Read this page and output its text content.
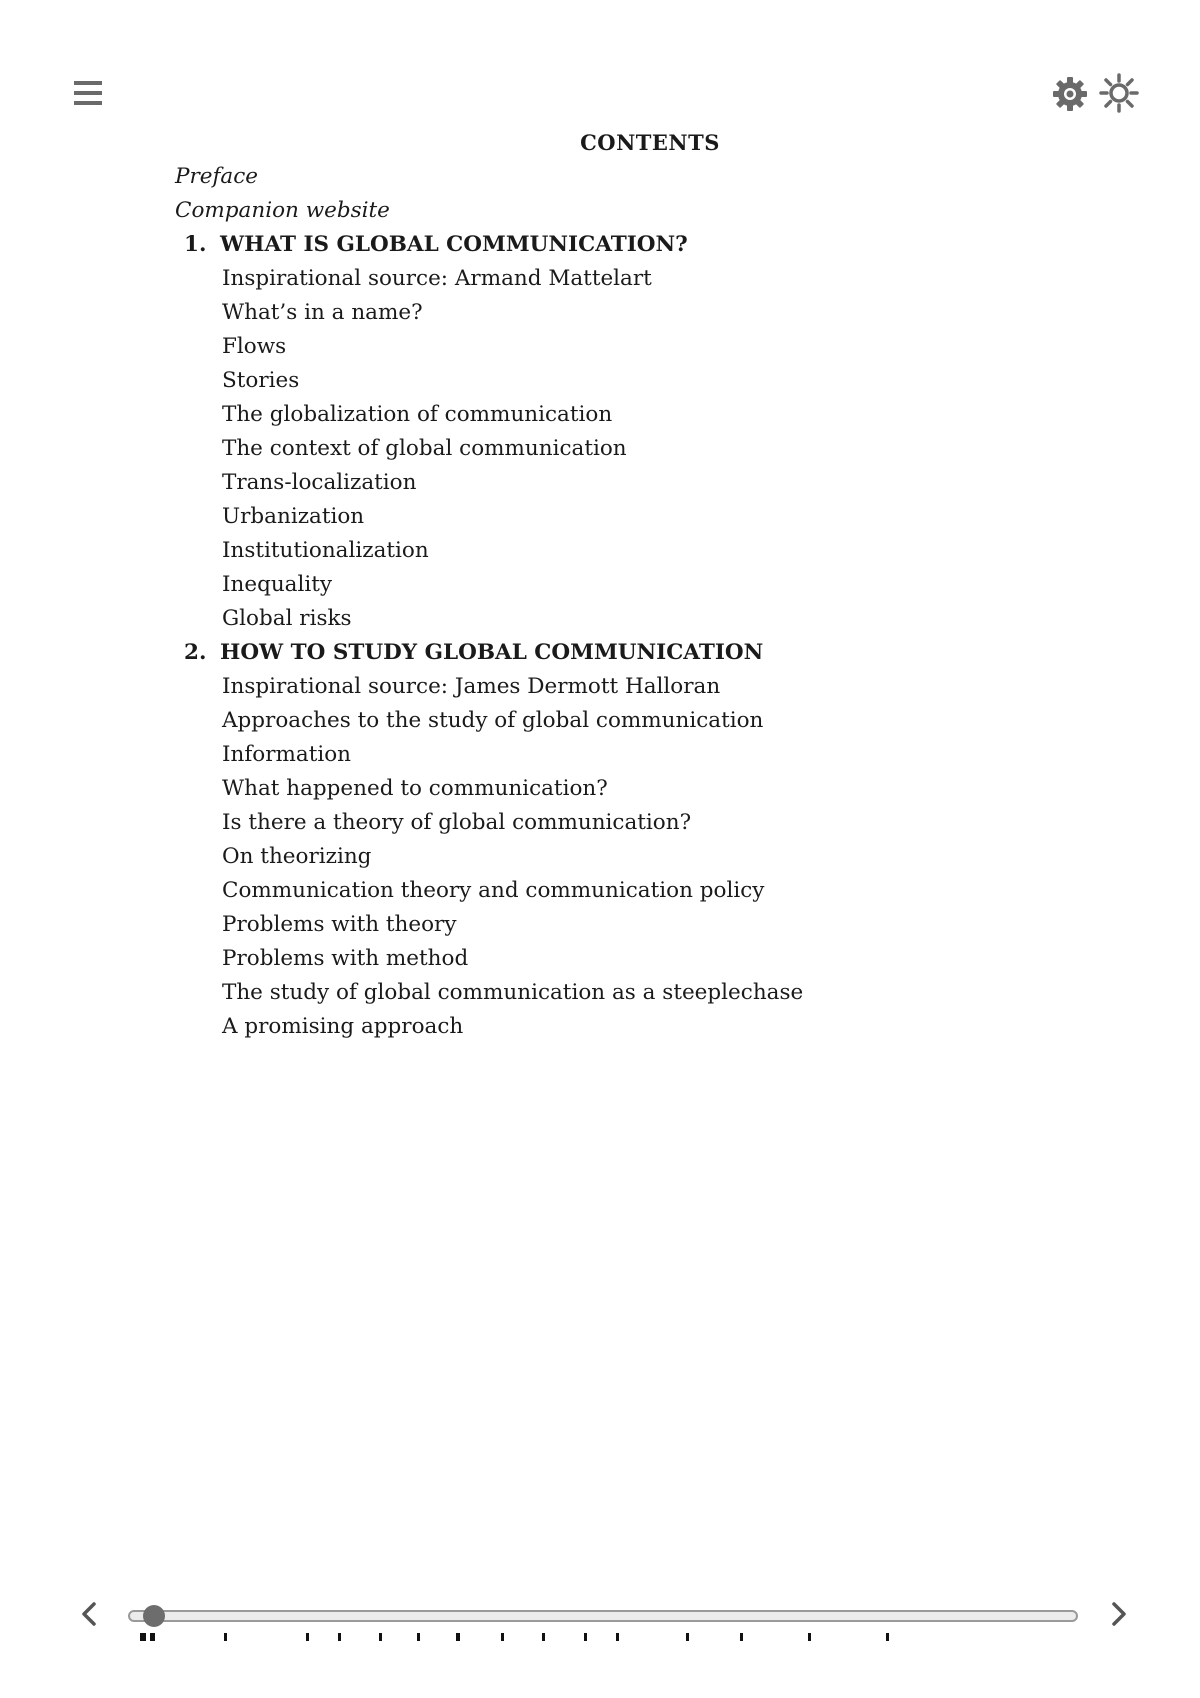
CONTENTS
Preface
Companion website
1. WHAT IS GLOBAL COMMUNICATION?
Inspirational source: Armand Mattelart
What’s in a name?
Flows
Stories
The globalization of communication
The context of global communication
Trans-localization
Urbanization
Institutionalization
Inequality
Global risks
2. HOW TO STUDY GLOBAL COMMUNICATION
Inspirational source: James Dermott Halloran
Approaches to the study of global communication
Information
What happened to communication?
Is there a theory of global communication?
On theorizing
Communication theory and communication policy
Problems with theory
Problems with method
The study of global communication as a steeplechase
A promising approach
